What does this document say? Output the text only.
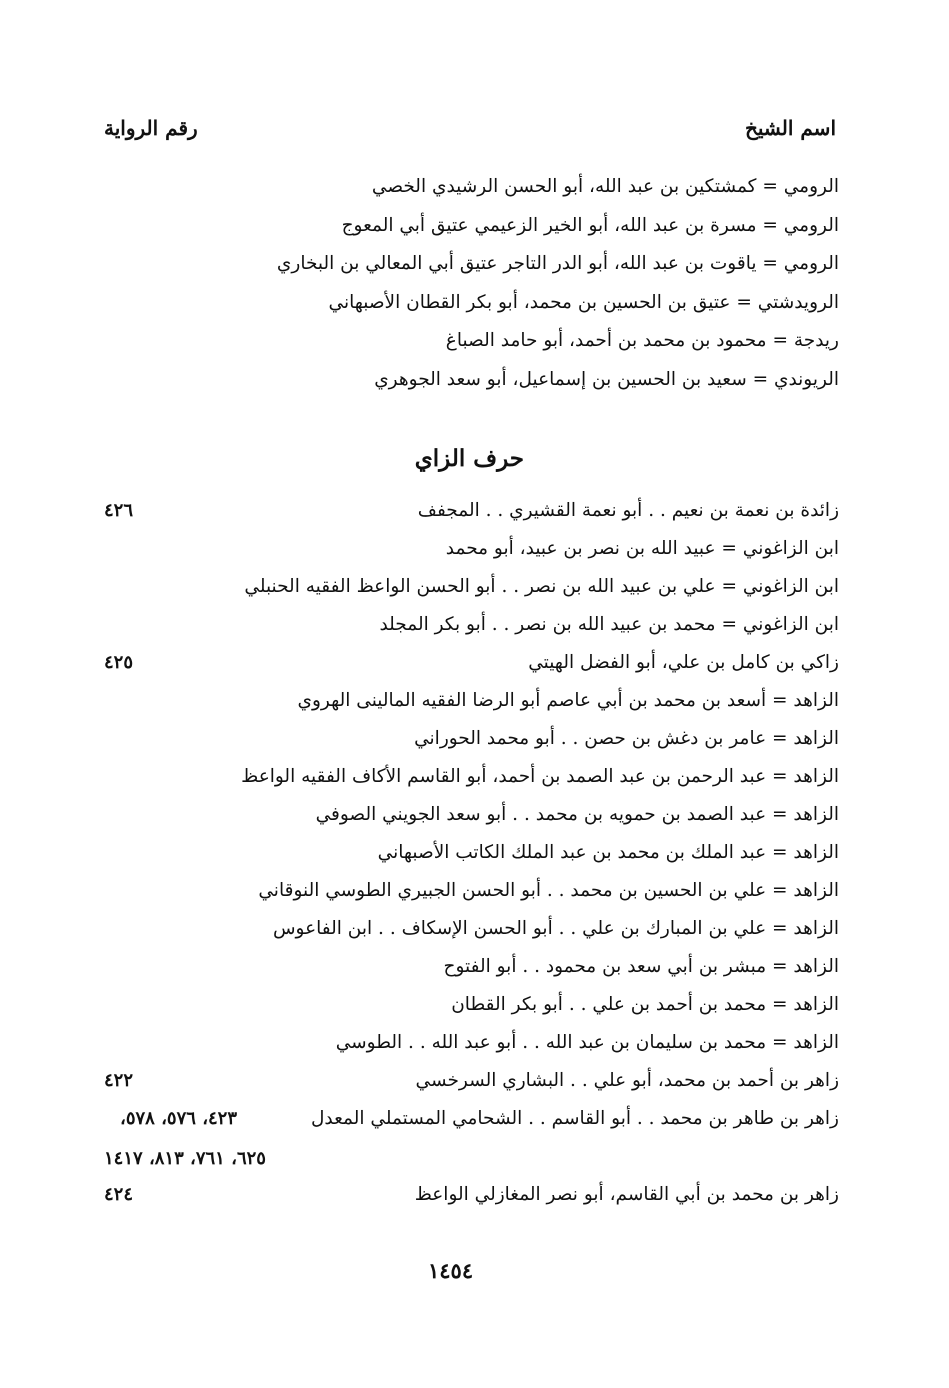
اسم الشيخ
رقم الرواية
الرومي = كمشتكين بن عبد الله، أبو الحسن الرشيدي الخصي
الرومي = مسرة بن عبد الله، أبو الخير الزعيمي عتيق أبي المعوج
الرومي = ياقوت بن عبد الله، أبو الدر التاجر عتيق أبي المعالي بن البخاري
الرويدشتي = عتيق بن الحسين بن محمد، أبو بكر القطان الأصبهاني
ريدجة = محمود بن محمد بن أحمد، أبو حامد الصباغ
الريوندي = سعيد بن الحسين بن إسماعيل، أبو سعد الجوهري
حرف الزاي
زائدة بن نعمة بن نعيم . . أبو نعمة القشيري . . المجفف
ابن الزاغوني = عبيد الله بن نصر بن عبيد، أبو محمد
ابن الزاغوني = علي بن عبيد الله بن نصر . . أبو الحسن الواعظ الفقيه الحنبلي
ابن الزاغوني = محمد بن عبيد الله بن نصر . . أبو بكر المجلد
زاكي بن كامل بن علي، أبو الفضل الهيتي
الزاهد = أسعد بن محمد بن أبي عاصم أبو الرضا الفقيه المالينى الهروي
الزاهد = عامر بن دغش بن حصن . . أبو محمد الحوراني
الزاهد = عبد الرحمن بن عبد الصمد بن أحمد، أبو القاسم الأكاف الفقيه الواعظ
الزاهد = عبد الصمد بن حمويه بن محمد . . أبو سعد الجويني الصوفي
الزاهد = عبد الملك بن محمد بن عبد الملك الكاتب الأصبهاني
الزاهد = علي بن الحسين بن محمد . . أبو الحسن الجبيري الطوسي النوقاني
الزاهد = علي بن المبارك بن علي . . أبو الحسن الإسكاف . . ابن الفاعوس
الزاهد = مبشر بن أبي سعد بن محمود . . أبو الفتوح
الزاهد = محمد بن أحمد بن علي . . أبو بكر القطان
الزاهد = محمد بن سليمان بن عبد الله . . أبو عبد الله . . الطوسي
زاهر بن أحمد بن محمد، أبو علي . . البشاري السرخسي
زاهر بن طاهر بن محمد . . أبو القاسم . . الشحامي المستملي المعدل
زاهر بن محمد بن أبي القاسم، أبو نصر المغازلي الواعظ
٤٢٦
٤٢٥
٤٢٢
٤٢٣، ٥٧٦، ٥٧٨،
٦٢٥، ٧٦١، ٨١٣، ١٤١٧
٤٢٤
١٤٥٤
